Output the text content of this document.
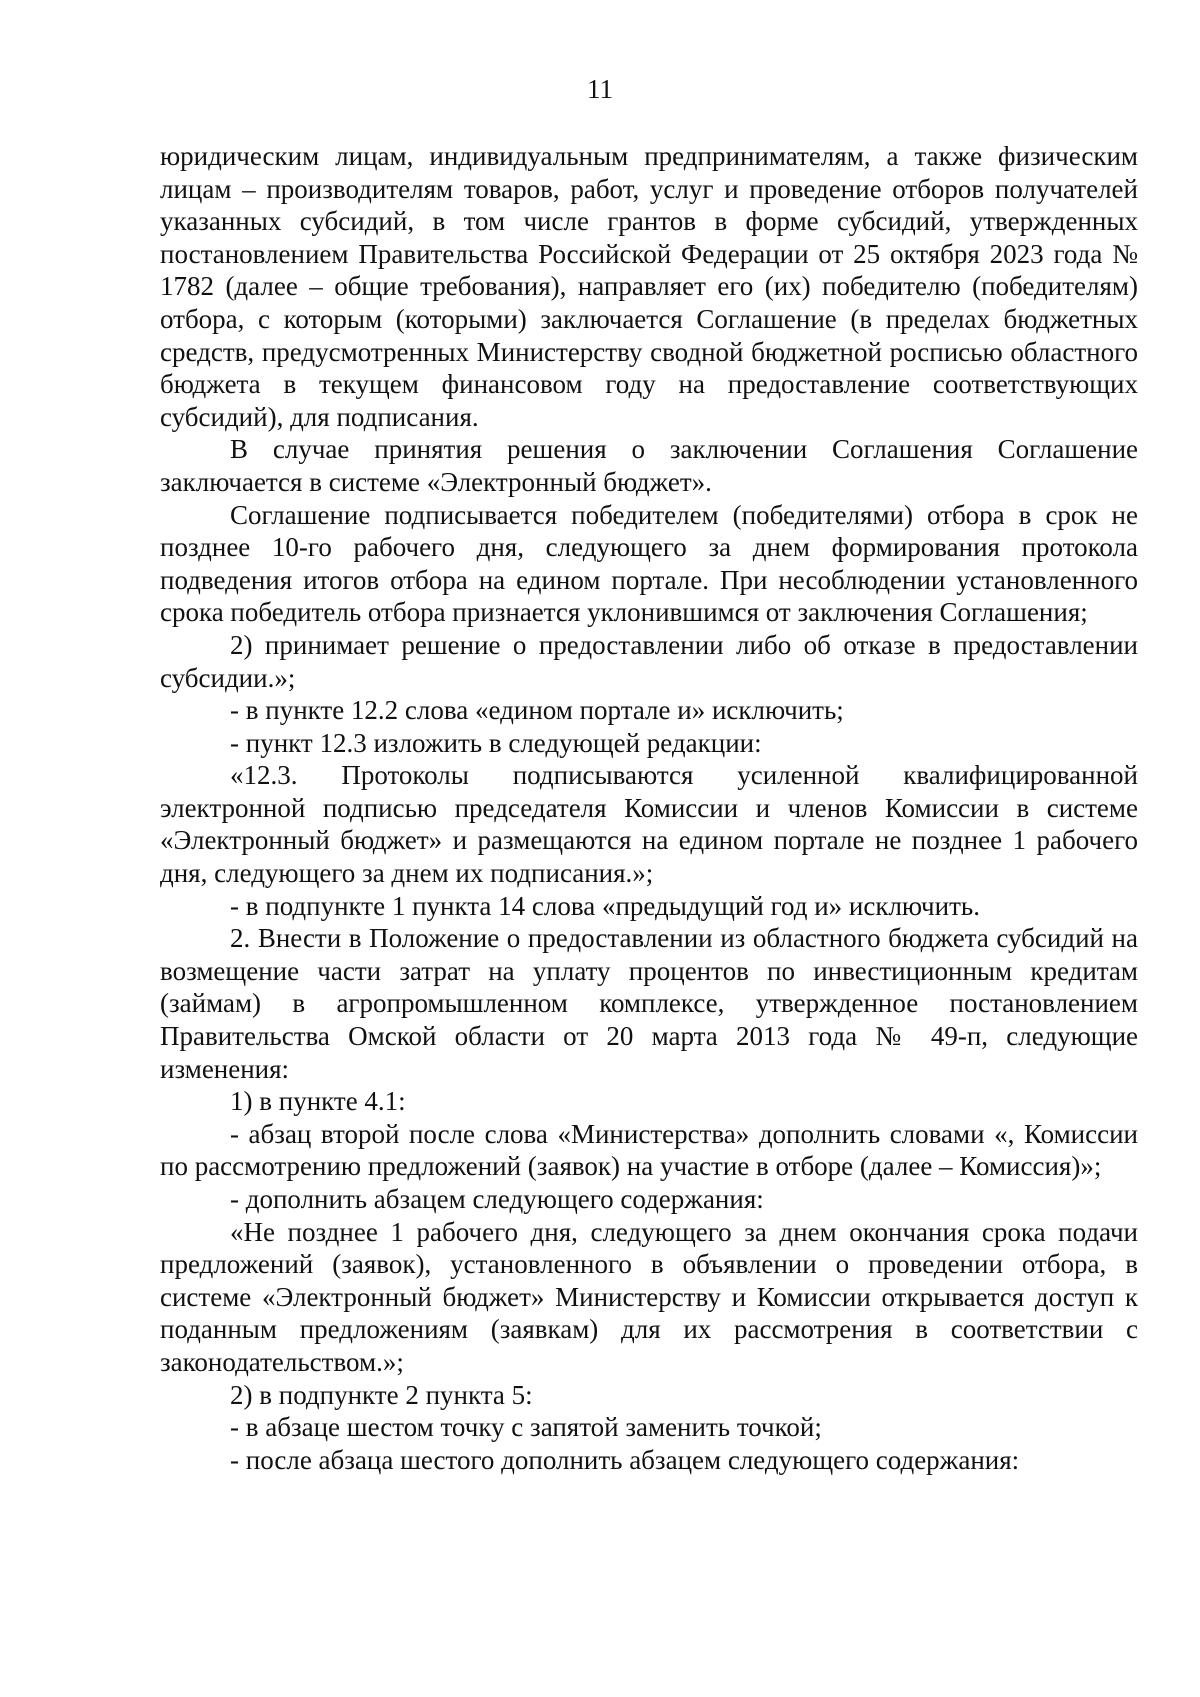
11

юридическим лицам, индивидуальным предпринимателям, а также физическим лицам – производителям товаров, работ, услуг и проведение отборов получателей указанных субсидий, в том числе грантов в форме субсидий, утвержденных постановлением Правительства Российской Федерации от 25 октября 2023 года № 1782 (далее – общие требования), направляет его (их) победителю (победителям) отбора, с которым (которыми) заключается Соглашение (в пределах бюджетных средств, предусмотренных Министерству сводной бюджетной росписью областного бюджета в текущем финансовом году на предоставление соответствующих субсидий), для подписания.

В случае принятия решения о заключении Соглашения Соглашение заключается в системе «Электронный бюджет».

Соглашение подписывается победителем (победителями) отбора в срок не позднее 10-го рабочего дня, следующего за днем формирования протокола подведения итогов отбора на едином портале. При несоблюдении установленного срока победитель отбора признается уклонившимся от заключения Соглашения;

2) принимает решение о предоставлении либо об отказе в предоставлении субсидии.»;

- в пункте 12.2 слова «едином портале и» исключить;

- пункт 12.3 изложить в следующей редакции:

«12.3. Протоколы подписываются усиленной квалифицированной электронной подписью председателя Комиссии и членов Комиссии в системе «Электронный бюджет» и размещаются на едином портале не позднее 1 рабочего дня, следующего за днем их подписания.»;

- в подпункте 1 пункта 14 слова «предыдущий год и» исключить.

2. Внести в Положение о предоставлении из областного бюджета субсидий на возмещение части затрат на уплату процентов по инвестиционным кредитам (займам) в агропромышленном комплексе, утвержденное постановлением Правительства Омской области от 20 марта 2013 года № 49-п, следующие изменения:

1) в пункте 4.1:

- абзац второй после слова «Министерства» дополнить словами «, Комиссии по рассмотрению предложений (заявок) на участие в отборе (далее – Комиссия)»;

- дополнить абзацем следующего содержания:

«Не позднее 1 рабочего дня, следующего за днем окончания срока подачи предложений (заявок), установленного в объявлении о проведении отбора, в системе «Электронный бюджет» Министерству и Комиссии открывается доступ к поданным предложениям (заявкам) для их рассмотрения в соответствии с законодательством.»;

2) в подпункте 2 пункта 5:

- в абзаце шестом точку с запятой заменить точкой;

- после абзаца шестого дополнить абзацем следующего содержания:
